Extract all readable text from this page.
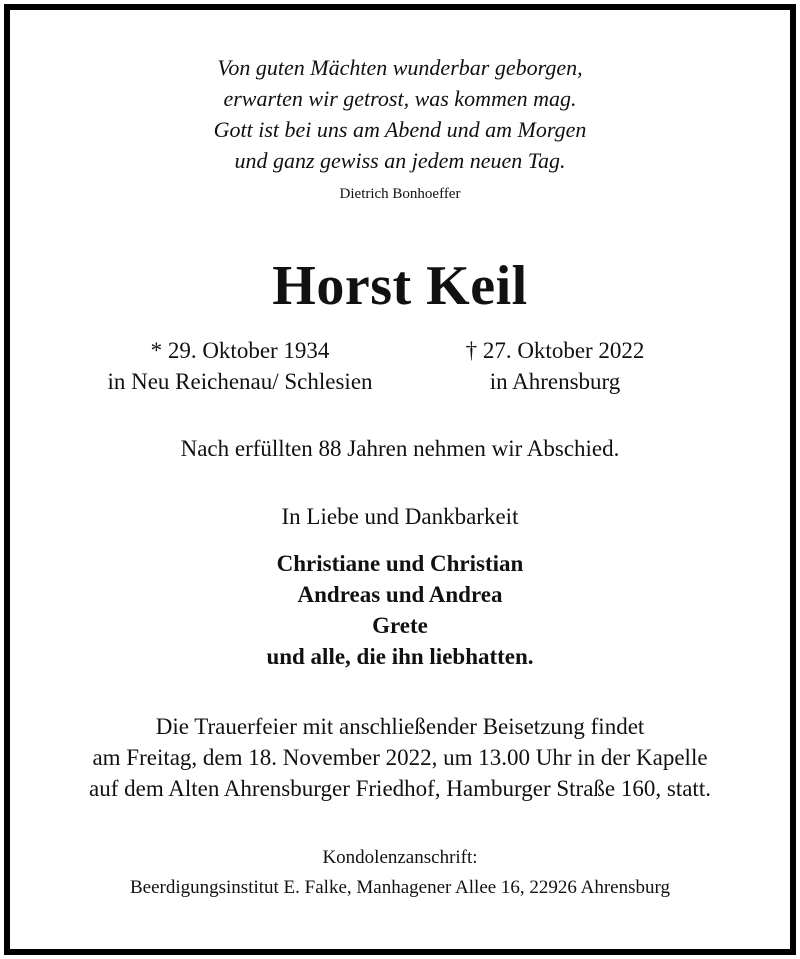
Von guten Mächten wunderbar geborgen,
erwarten wir getrost, was kommen mag.
Gott ist bei uns am Abend und am Morgen
und ganz gewiss an jedem neuen Tag.
Dietrich Bonhoeffer
Horst Keil
* 29. Oktober 1934
in Neu Reichenau/ Schlesien
† 27. Oktober 2022
in Ahrensburg
Nach erfüllten 88 Jahren nehmen wir Abschied.
In Liebe und Dankbarkeit
Christiane und Christian
Andreas und Andrea
Grete
und alle, die ihn liebhatten.
Die Trauerfeier mit anschließender Beisetzung findet
am Freitag, dem 18. November 2022, um 13.00 Uhr in der Kapelle
auf dem Alten Ahrensburger Friedhof, Hamburger Straße 160, statt.
Kondolenzanschrift:
Beerdigungsinstitut E. Falke, Manhagener Allee 16, 22926 Ahrensburg
